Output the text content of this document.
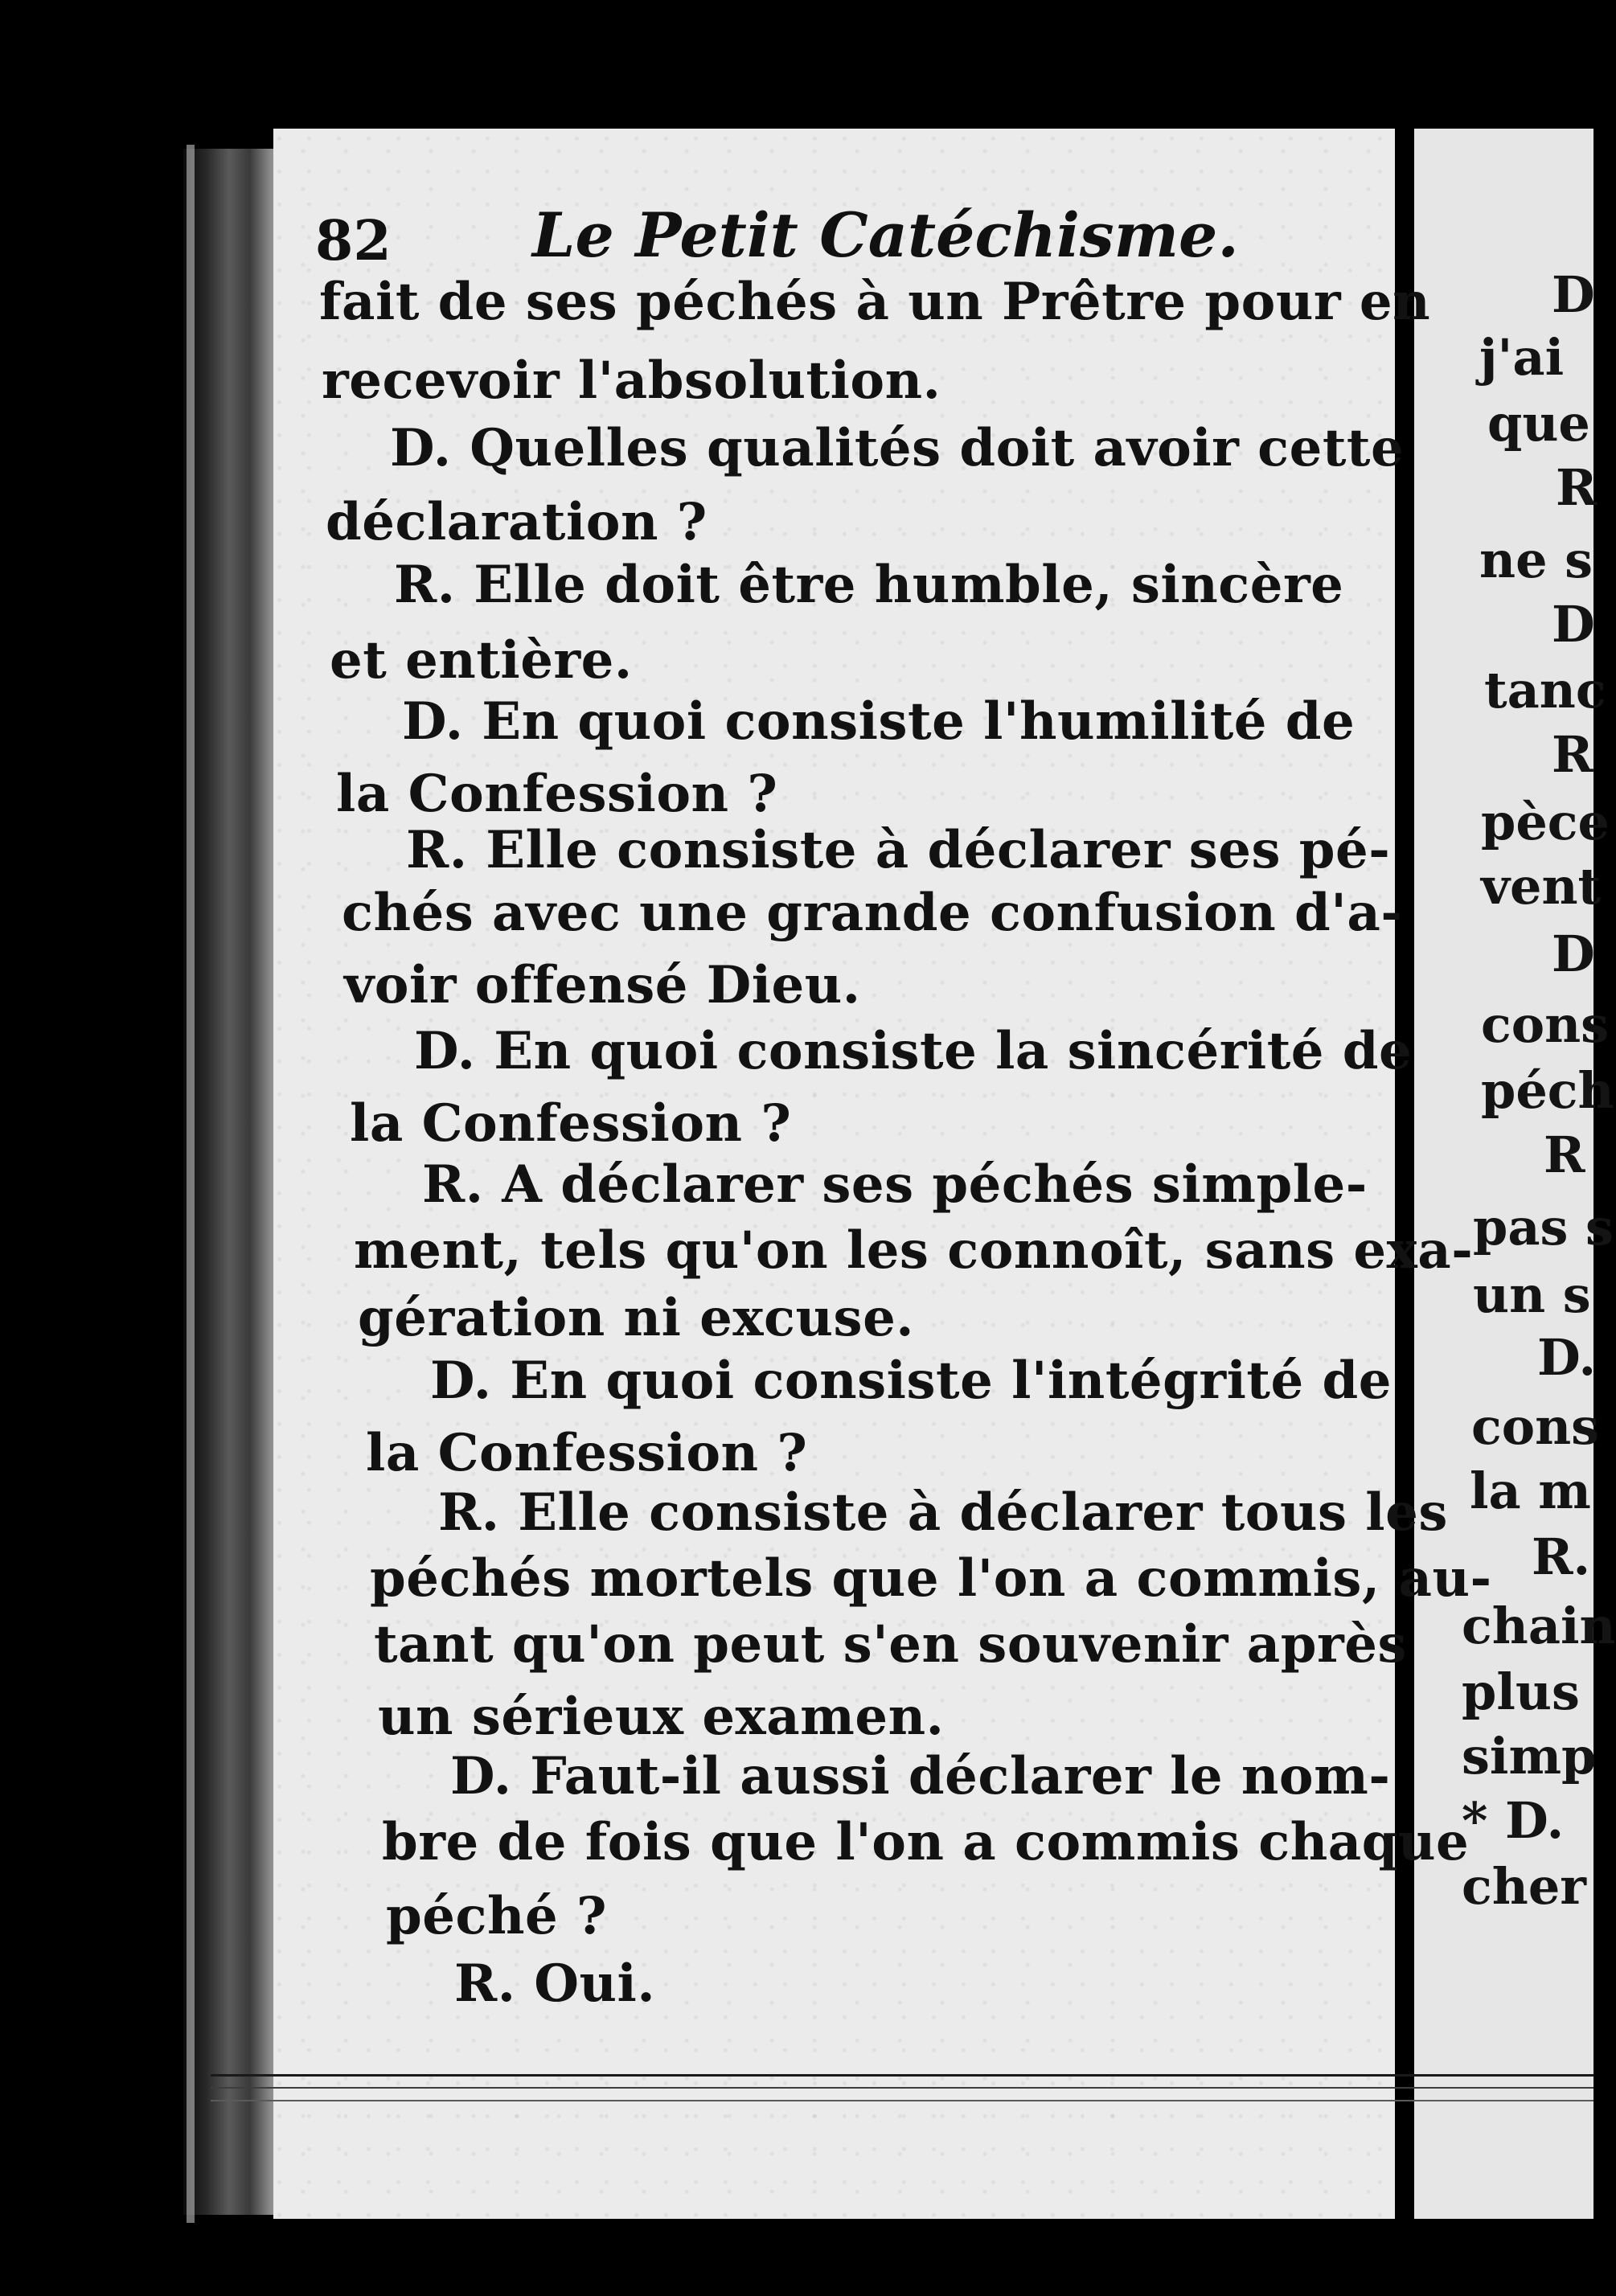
82 Le Petit Catéchisme.
fait de ses péchés à un Prêtre pour en
recevoir l'absolution.
D. Quelles qualités doit avoir cette
déclaration ?
R. Elle doit être humble, sincère
et entière.
D. En quoi consiste l'humilité de
la Confession ?
R. Elle consiste à déclarer ses pé-
chés avec une grande confusion d'a-
voir offensé Dieu.
D. En quoi consiste la sincérité de
la Confession ?
R. A déclarer ses péchés simple-
ment, tels qu'on les connoît, sans exa-
gération ni excuse.
D. En quoi consiste l'intégrité de
la Confession ?
R. Elle consiste à déclarer tous les
péchés mortels que l'on a commis, au-
tant qu'on peut s'en souvenir après
un sérieux examen.
D. Faut-il aussi déclarer le nom-
bre de fois que l'on a commis chaque
péché ?
R. Oui.
D
j'ai
que
R
ne s
D
tanc
R
pèce
vent
D
cons
péch
R
pas s
un s
D.
cons
la m
R.
chain
plus
simp
* D.
cher
